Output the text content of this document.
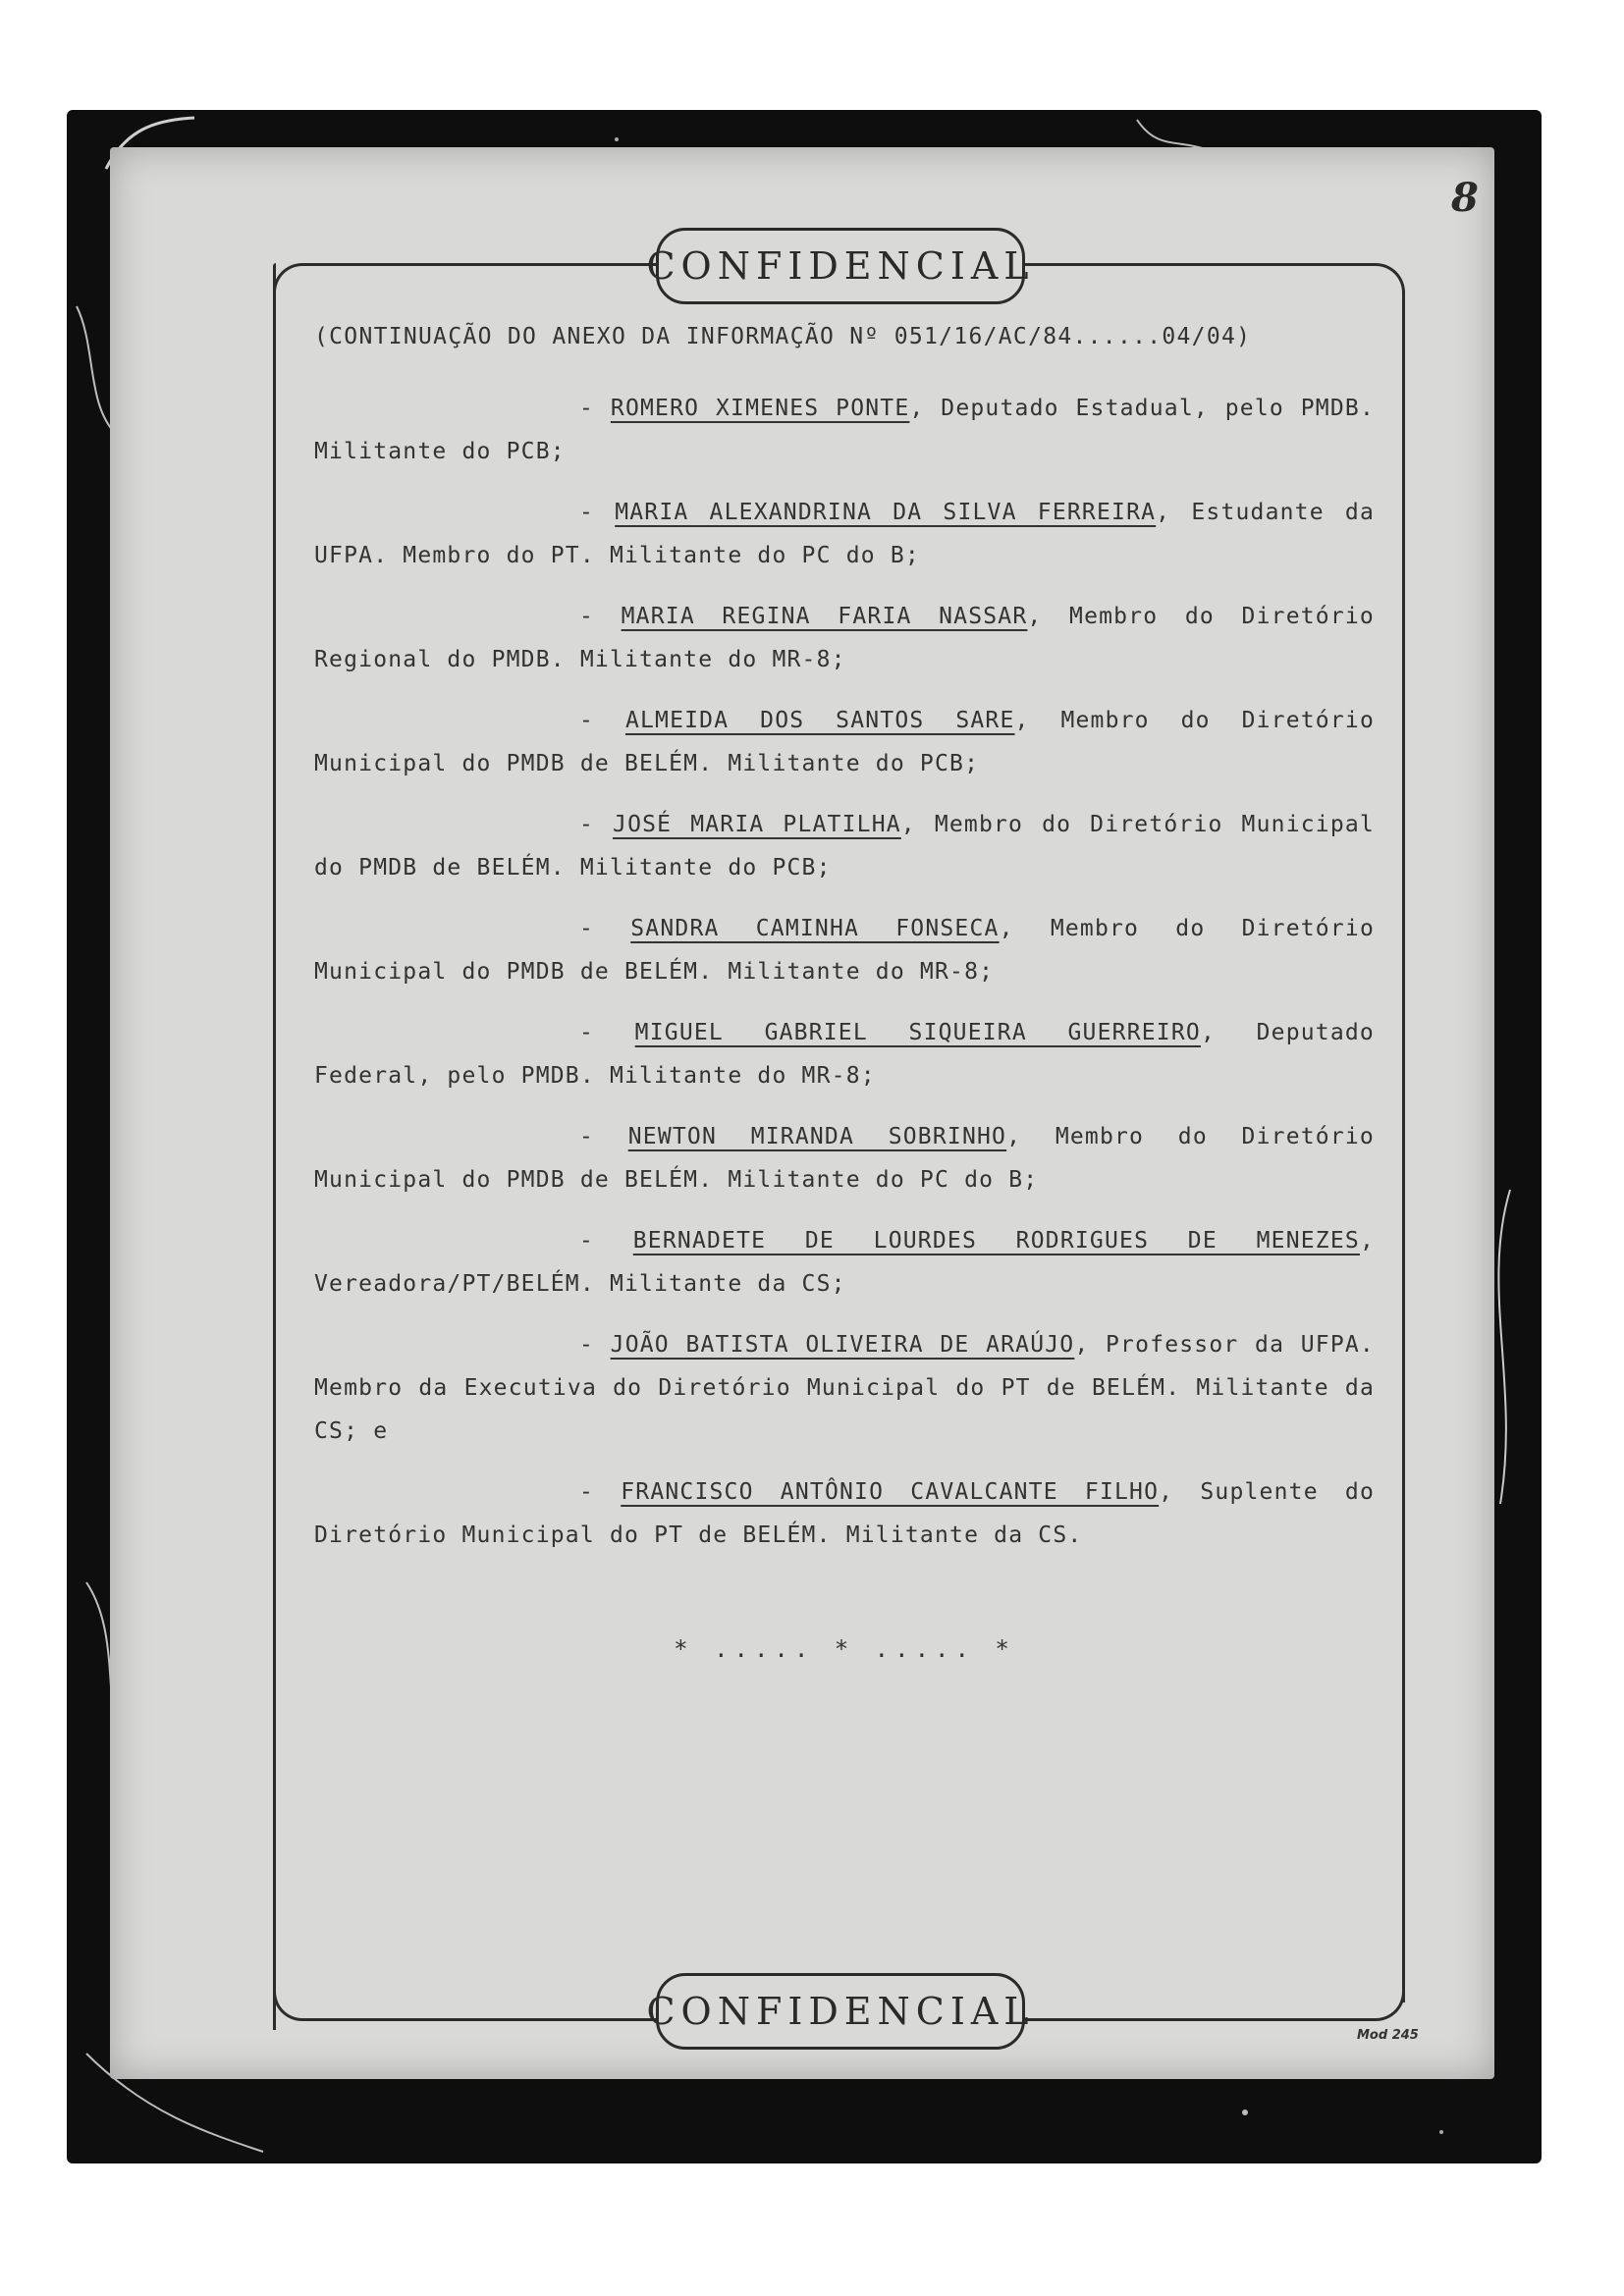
8
CONFIDENCIAL
CONFIDENCIAL
Mod 245
(CONTINUAÇÃO DO ANEXO DA INFORMAÇÃO Nº 051/16/AC/84......04/04)

- ROMERO XIMENES PONTE, Deputado Estadual, pelo PMDB. Militante do PCB;

- MARIA ALEXANDRINA DA SILVA FERREIRA, Estudante da UFPA. Membro do PT. Militante do PC do B;

- MARIA REGINA FARIA NASSAR, Membro do Diretório Regional do PMDB. Militante do MR-8;

- ALMEIDA DOS SANTOS SARE, Membro do Diretório Municipal do PMDB de BELÉM. Militante do PCB;

- JOSÉ MARIA PLATILHA, Membro do Diretório Municipal do PMDB de BELÉM. Militante do PCB;

- SANDRA CAMINHA FONSECA, Membro do Diretório Municipal do PMDB de BELÉM. Militante do MR-8;

- MIGUEL GABRIEL SIQUEIRA GUERREIRO, Deputado Federal, pelo PMDB. Militante do MR-8;

- NEWTON MIRANDA SOBRINHO, Membro do Diretório Municipal do PMDB de BELÉM. Militante do PC do B;

- BERNADETE DE LOURDES RODRIGUES DE MENEZES, Vereadora/PT/BELÉM. Militante da CS;

- JOÃO BATISTA OLIVEIRA DE ARAÚJO, Professor da UFPA. Membro da Executiva do Diretório Municipal do PT de BELÉM. Militante da CS; e

- FRANCISCO ANTÔNIO CAVALCANTE FILHO, Suplente do Diretório Municipal do PT de BELÉM. Militante da CS.

* ..... * ..... *
